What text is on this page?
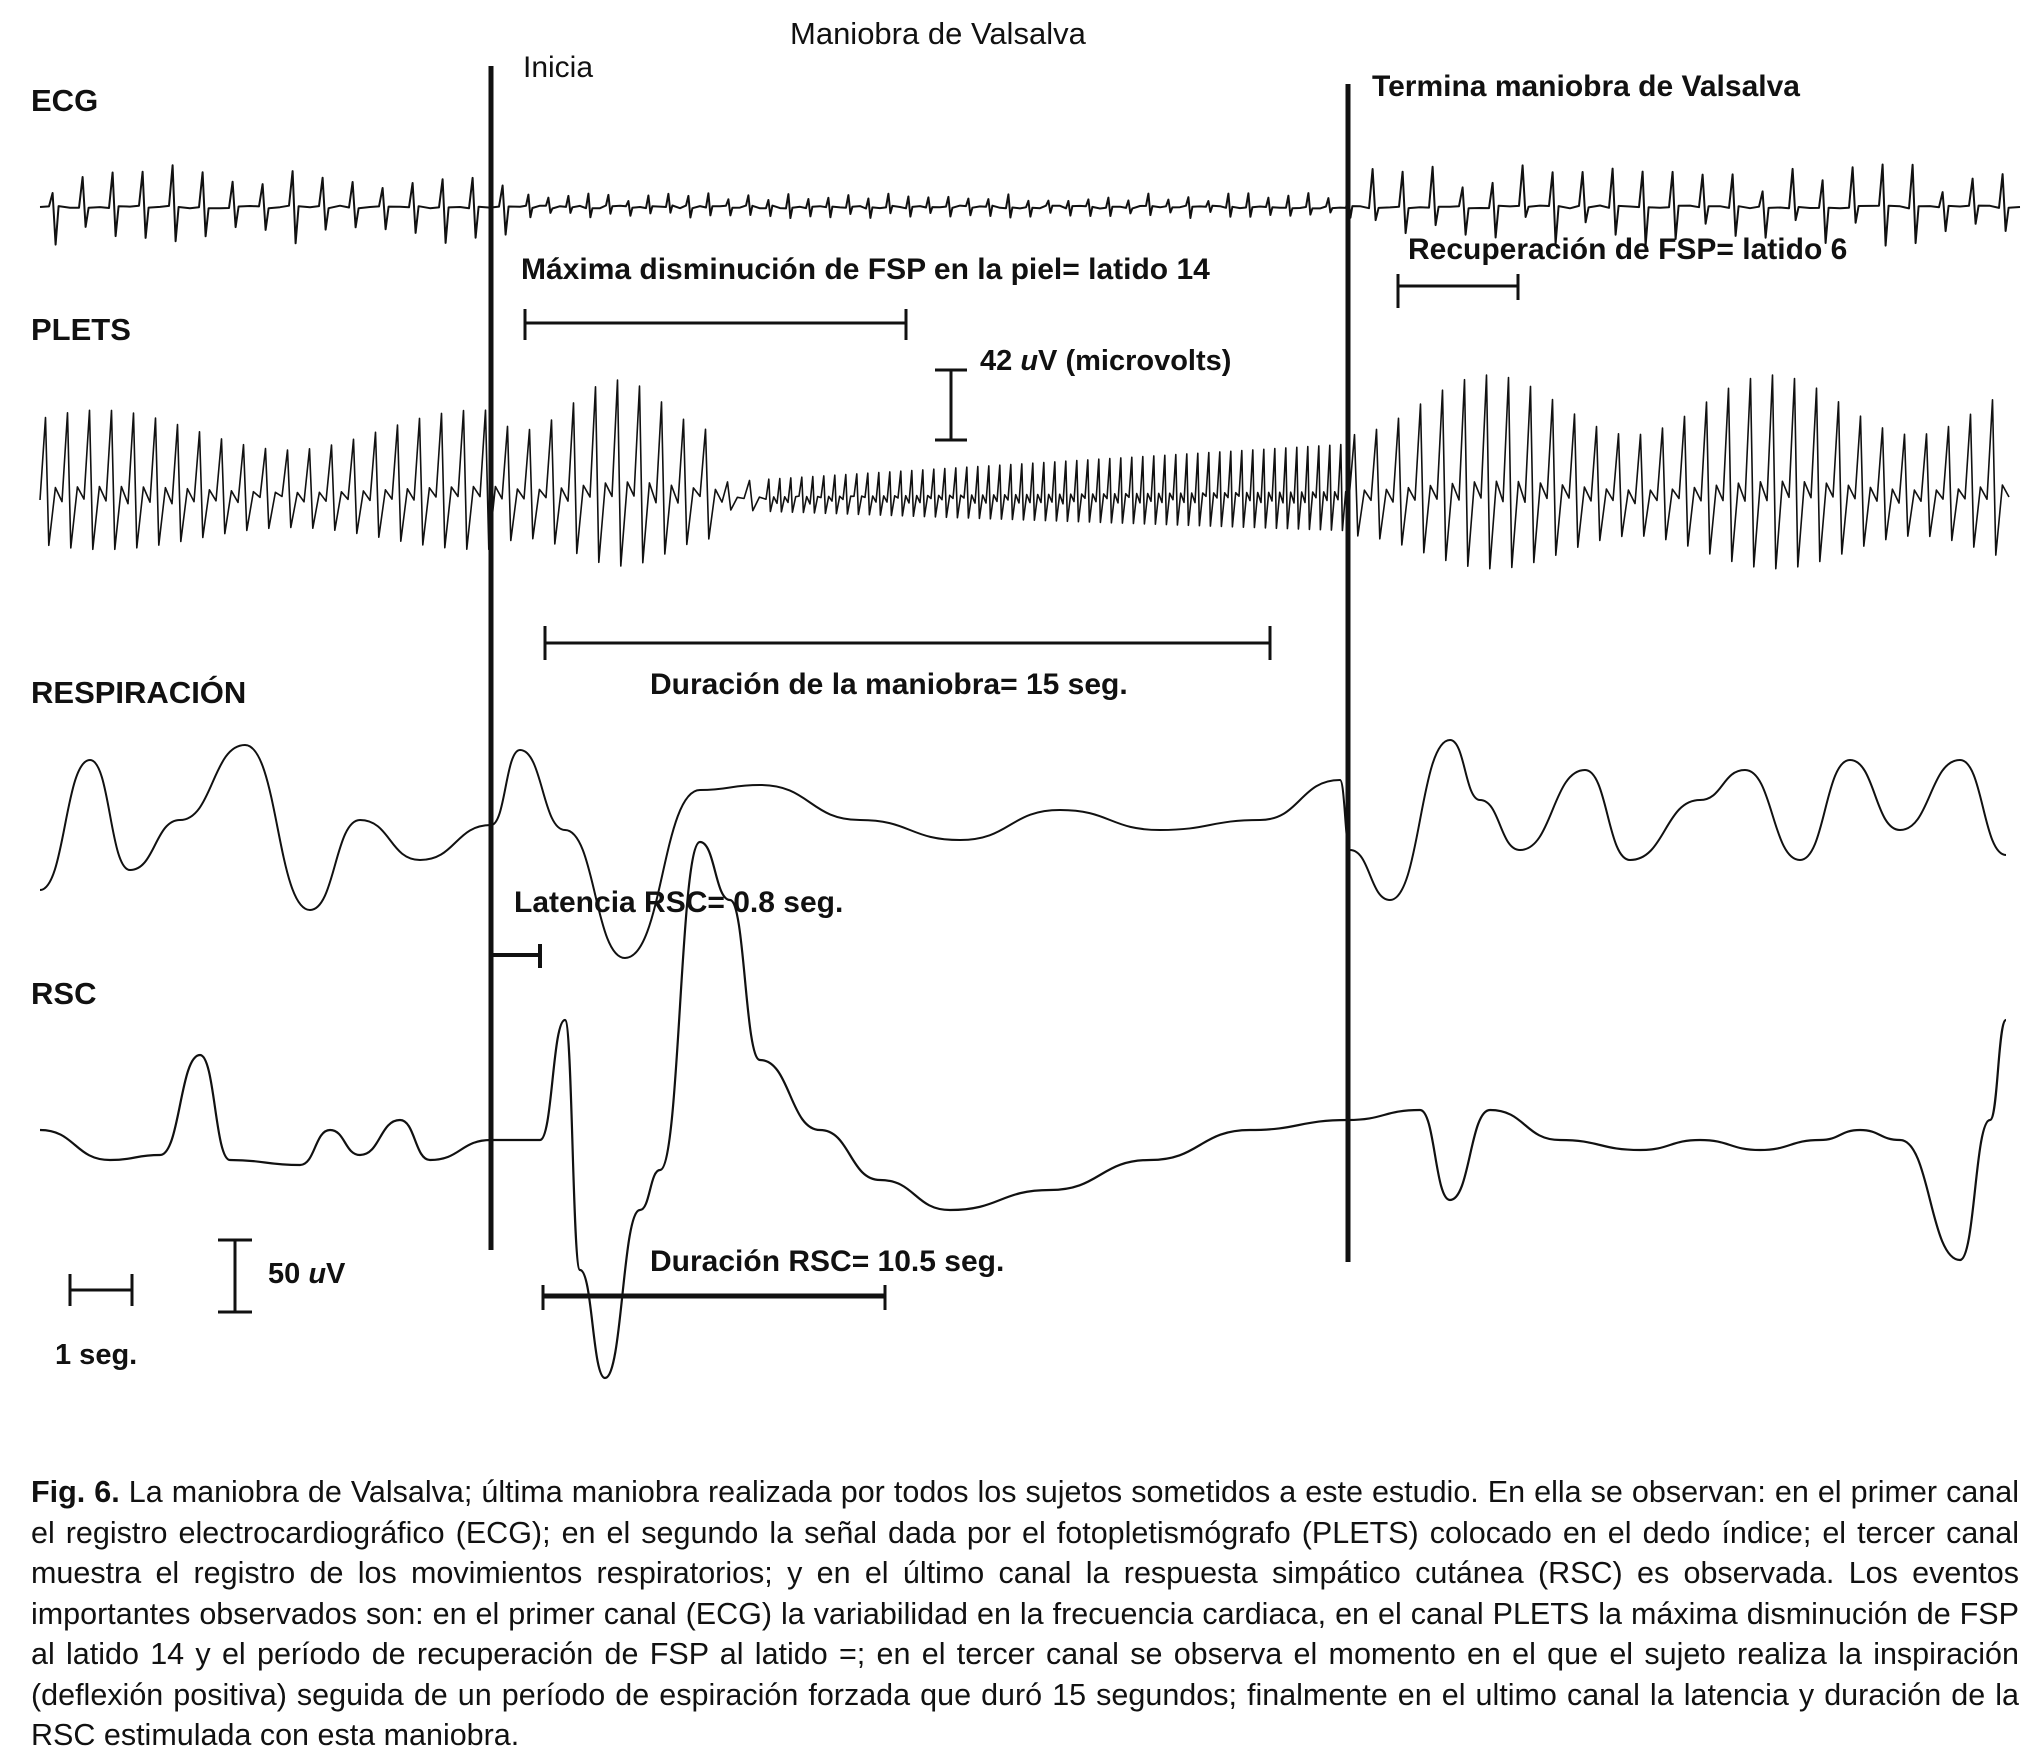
Maniobra de Valsalva
Inicia
Termina maniobra de Valsalva
ECG
PLETS
RESPIRACIÓN
RSC
Máxima disminución de FSP en la piel= latido 14
Recuperación de FSP= latido 6
42 uV (microvolts)
Duración de la maniobra= 15 seg.
Latencia RSC= 0.8 seg.
Duración RSC= 10.5 seg.
1 seg.
50 uV
Fig. 6. La maniobra de Valsalva; última maniobra realizada por todos los sujetos sometidos a este estudio. En ella se observan: en el primer canal el registro electrocardiográfico (ECG); en el segundo la señal dada por el fotopletismógrafo (PLETS) colocado en el dedo índice; el tercer canal muestra el registro de los movimientos respiratorios; y en el último canal la respuesta simpático cutánea (RSC) es observada. Los eventos importantes observados son: en el primer canal (ECG) la variabilidad en la frecuencia cardiaca, en el canal PLETS la máxima disminución de FSP al latido 14 y el período de recuperación de FSP al latido =; en el tercer canal se observa el momento en el que el sujeto realiza la inspiración (deflexión positiva) seguida de un período de espiración forzada que duró 15 segundos; finalmente en el ultimo canal la latencia y duración de la RSC estimulada con esta maniobra.
